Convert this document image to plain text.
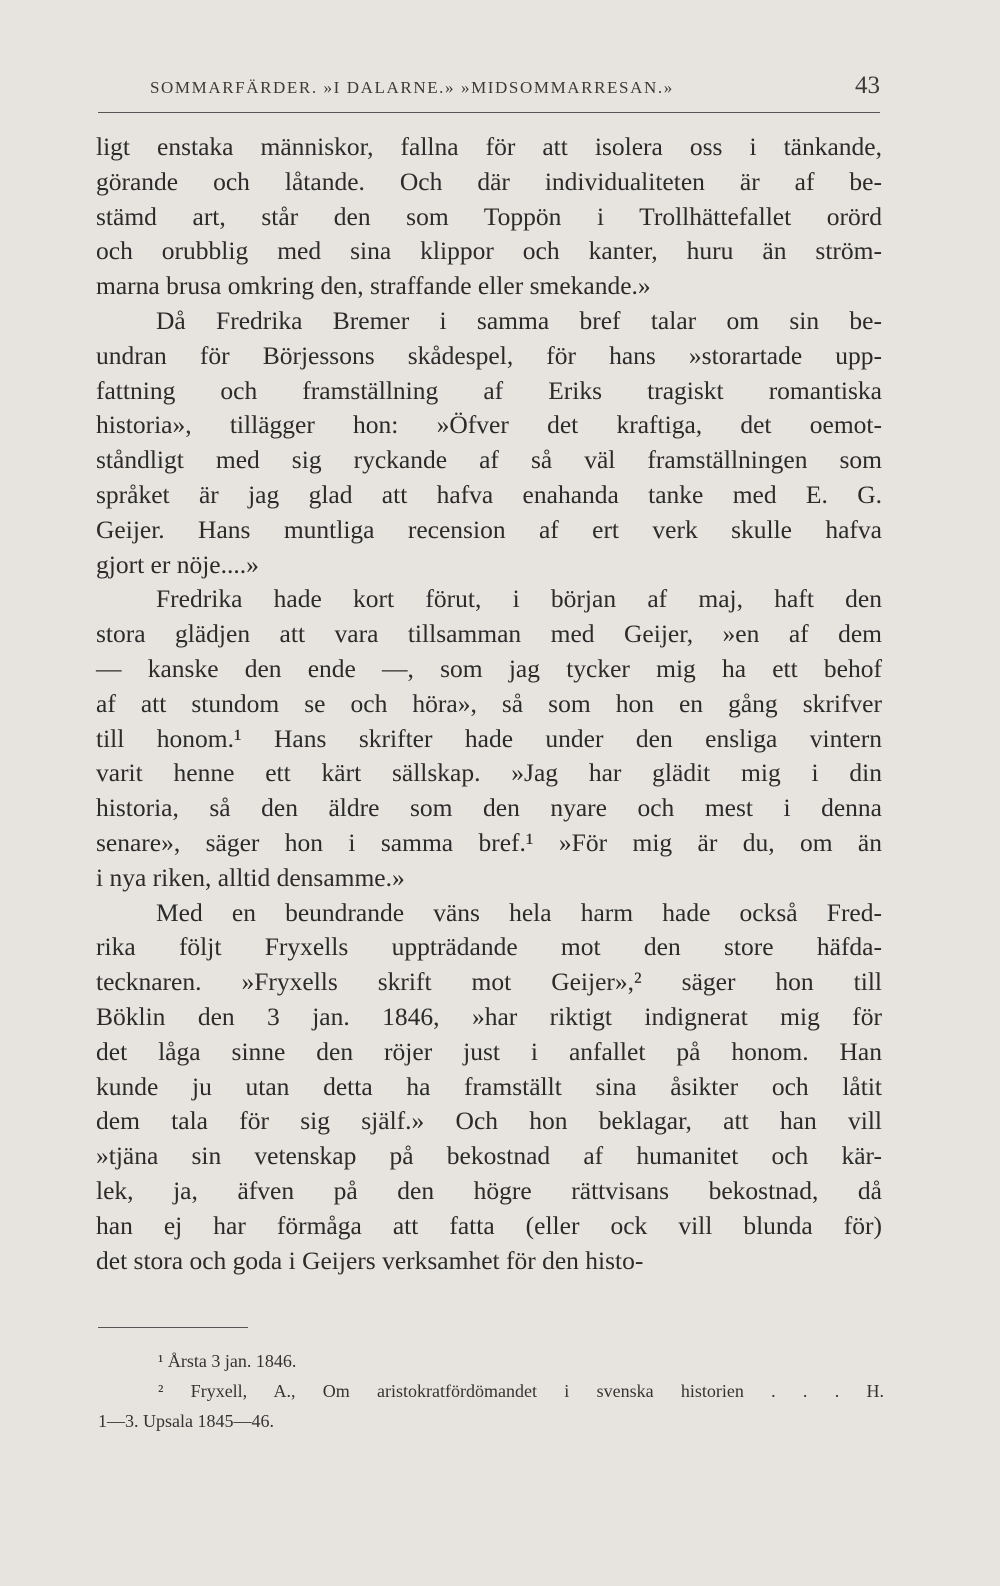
SOMMARFÄRDER. »I DALARNE.» »MIDSOMMARRESAN.»	43
ligt enstaka människor, fallna för att isolera oss i tänkande,
görande och låtande. Och där individualiteten är af be-
stämd art, står den som Toppön i Trollhättefallet orörd
och orubblig med sina klippor och kanter, huru än ström-
marna brusa omkring den, straffande eller smekande.»
Då Fredrika Bremer i samma bref talar om sin be-
undran för Börjessons skådespel, för hans »storartade upp-
fattning och framställning af Eriks tragiskt romantiska
historia», tillägger hon: »Öfver det kraftiga, det oemot-
ståndligt med sig ryckande af så väl framställningen som
språket är jag glad att hafva enahanda tanke med E. G.
Geijer. Hans muntliga recension af ert verk skulle hafva
gjort er nöje....»
Fredrika hade kort förut, i början af maj, haft den
stora glädjen att vara tillsamman med Geijer, »en af dem
— kanske den ende —, som jag tycker mig ha ett behof
af att stundom se och höra», så som hon en gång skrifver
till honom.¹ Hans skrifter hade under den ensliga vintern
varit henne ett kärt sällskap. »Jag har glädit mig i din
historia, så den äldre som den nyare och mest i denna
senare», säger hon i samma bref.¹ »För mig är du, om än
i nya riken, alltid densamme.»
Med en beundrande väns hela harm hade också Fred-
rika följt Fryxells uppträdande mot den store häfda-
tecknaren. »Fryxells skrift mot Geijer»,² säger hon till
Böklin den 3 jan. 1846, »har riktigt indignerat mig för
det låga sinne den röjer just i anfallet på honom. Han
kunde ju utan detta ha framställt sina åsikter och låtit
dem tala för sig själf.» Och hon beklagar, att han vill
»tjäna sin vetenskap på bekostnad af humanitet och kär-
lek, ja, äfven på den högre rättvisans bekostnad, då
han ej har förmåga att fatta (eller ock vill blunda för)
det stora och goda i Geijers verksamhet för den histo-
¹ Årsta 3 jan. 1846.
² Fryxell, A., Om aristokratfördömandet i svenska historien . . . H.
1—3. Upsala 1845—46.
